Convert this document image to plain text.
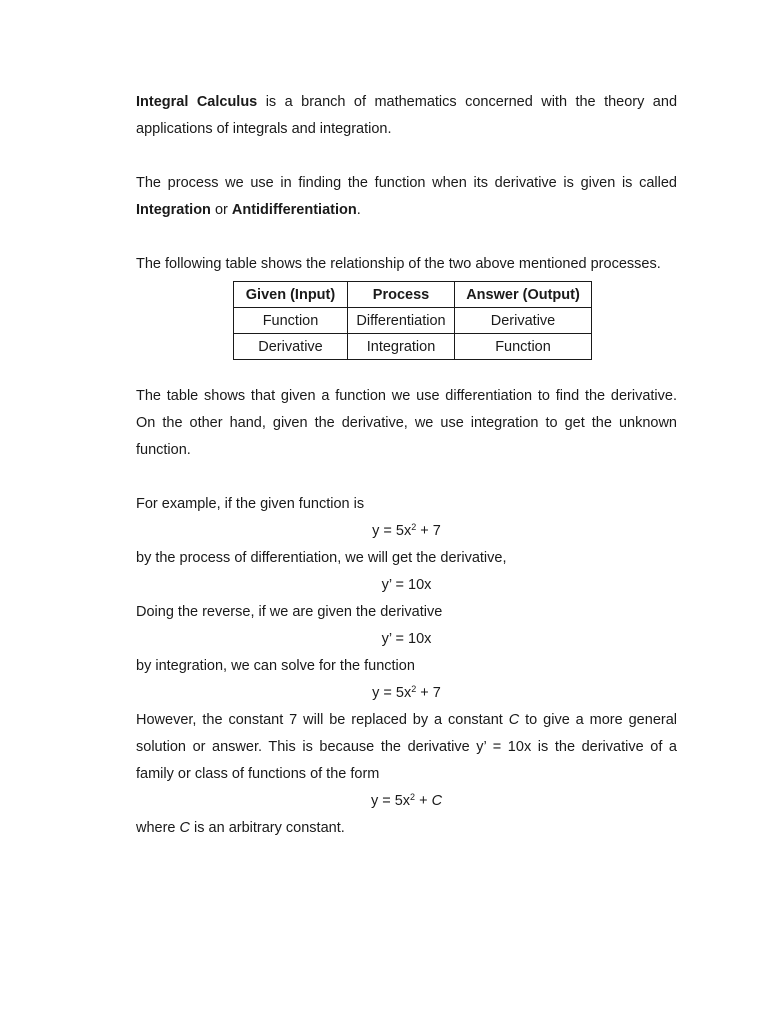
Integral Calculus is a branch of mathematics concerned with the theory and applications of integrals and integration.

The process we use in finding the function when its derivative is given is called Integration or Antidifferentiation.

The following table shows the relationship of the two above mentioned processes.

Given (Input)	Process	Answer (Output)
Function	Differentiation	Derivative
Derivative	Integration	Function

The table shows that given a function we use differentiation to find the derivative. On the other hand, given the derivative, we use integration to get the unknown function.

For example, if the given function is

$y = 5x^2 + 7$

by the process of differentiation, we will get the derivative,

y’ = 10x

Doing the reverse, if we are given the derivative

y’ = 10x

by integration, we can solve for the function

$y = 5x^2 + 7$

However, the constant 7 will be replaced by a constant C to give a more general solution or answer. This is because the derivative y’ = 10x is the derivative of a family or class of functions of the form

$y = 5x^2 + C$

where C is an arbitrary constant.
